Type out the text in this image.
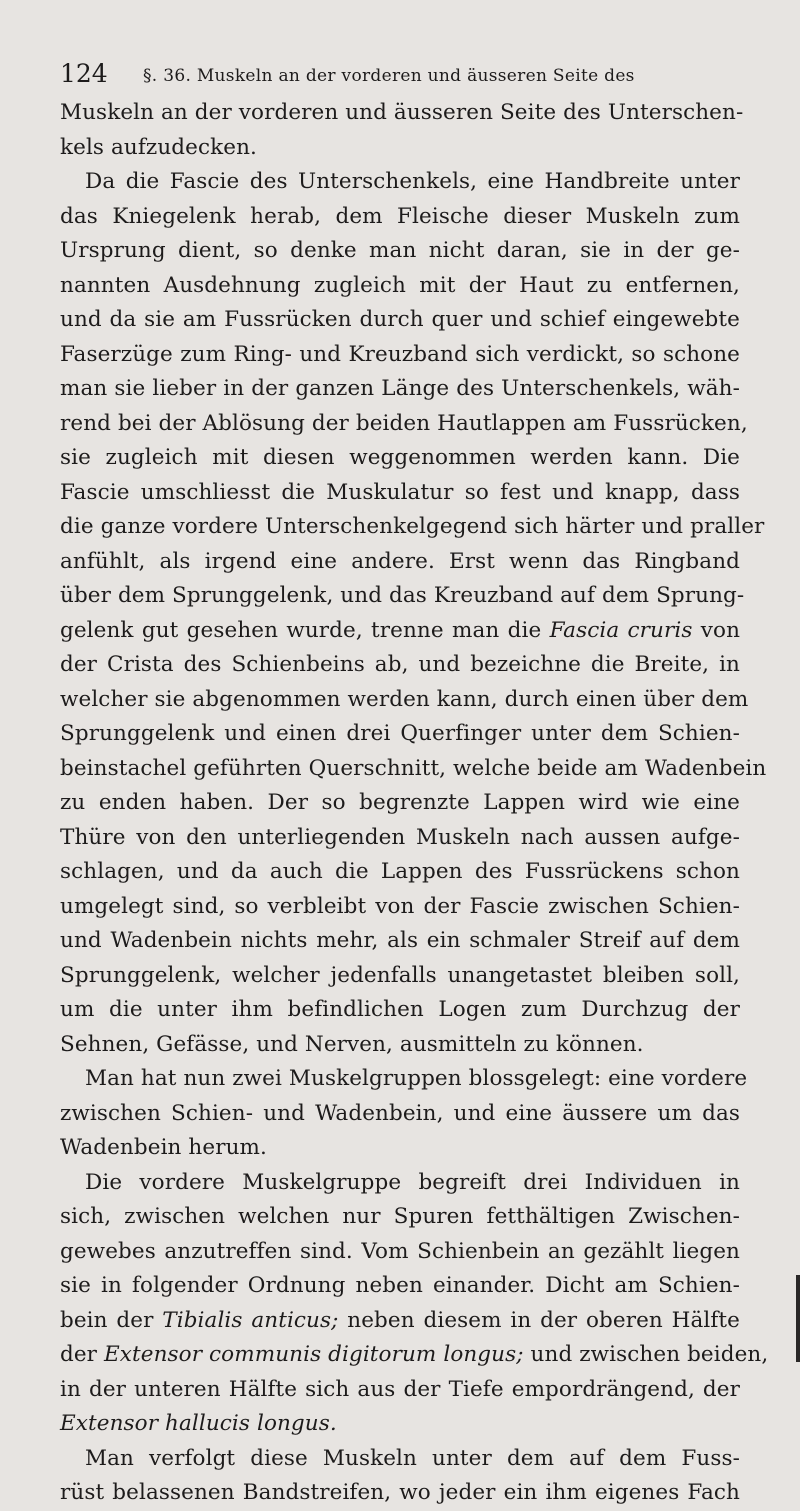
124 §. 36. Muskeln an der vorderen und äusseren Seite des
Muskeln an der vorderen und äusseren Seite des Unterschen-
kels aufzudecken.
Da die Fascie des Unterschenkels, eine Handbreite unter
das Kniegelenk herab, dem Fleische dieser Muskeln zum
Ursprung dient, so denke man nicht daran, sie in der ge-
nannten Ausdehnung zugleich mit der Haut zu entfernen,
und da sie am Fussrücken durch quer und schief eingewebte
Faserzüge zum Ring- und Kreuzband sich verdickt, so schone
man sie lieber in der ganzen Länge des Unterschenkels, wäh-
rend bei der Ablösung der beiden Hautlappen am Fussrücken,
sie zugleich mit diesen weggenommen werden kann. Die
Fascie umschliesst die Muskulatur so fest und knapp, dass
die ganze vordere Unterschenkelgegend sich härter und praller
anfühlt, als irgend eine andere. Erst wenn das Ringband
über dem Sprunggelenk, und das Kreuzband auf dem Sprung-
gelenk gut gesehen wurde, trenne man die Fascia cruris von
der Crista des Schienbeins ab, und bezeichne die Breite, in
welcher sie abgenommen werden kann, durch einen über dem
Sprunggelenk und einen drei Querfinger unter dem Schien-
beinstachel geführten Querschnitt, welche beide am Wadenbein
zu enden haben. Der so begrenzte Lappen wird wie eine
Thüre von den unterliegenden Muskeln nach aussen aufge-
schlagen, und da auch die Lappen des Fussrückens schon
umgelegt sind, so verbleibt von der Fascie zwischen Schien-
und Wadenbein nichts mehr, als ein schmaler Streif auf dem
Sprunggelenk, welcher jedenfalls unangetastet bleiben soll,
um die unter ihm befindlichen Logen zum Durchzug der
Sehnen, Gefässe, und Nerven, ausmitteln zu können.
Man hat nun zwei Muskelgruppen blossgelegt: eine vordere
zwischen Schien- und Wadenbein, und eine äussere um das
Wadenbein herum.
Die vordere Muskelgruppe begreift drei Individuen in
sich, zwischen welchen nur Spuren fetthältigen Zwischen-
gewebes anzutreffen sind. Vom Schienbein an gezählt liegen
sie in folgender Ordnung neben einander. Dicht am Schien-
bein der Tibialis anticus; neben diesem in der oberen Hälfte
der Extensor communis digitorum longus; und zwischen beiden,
in der unteren Hälfte sich aus der Tiefe empordrängend, der
Extensor hallucis longus.
Man verfolgt diese Muskeln unter dem auf dem Fuss-
rüst belassenen Bandstreifen, wo jeder ein ihm eigenes Fach
